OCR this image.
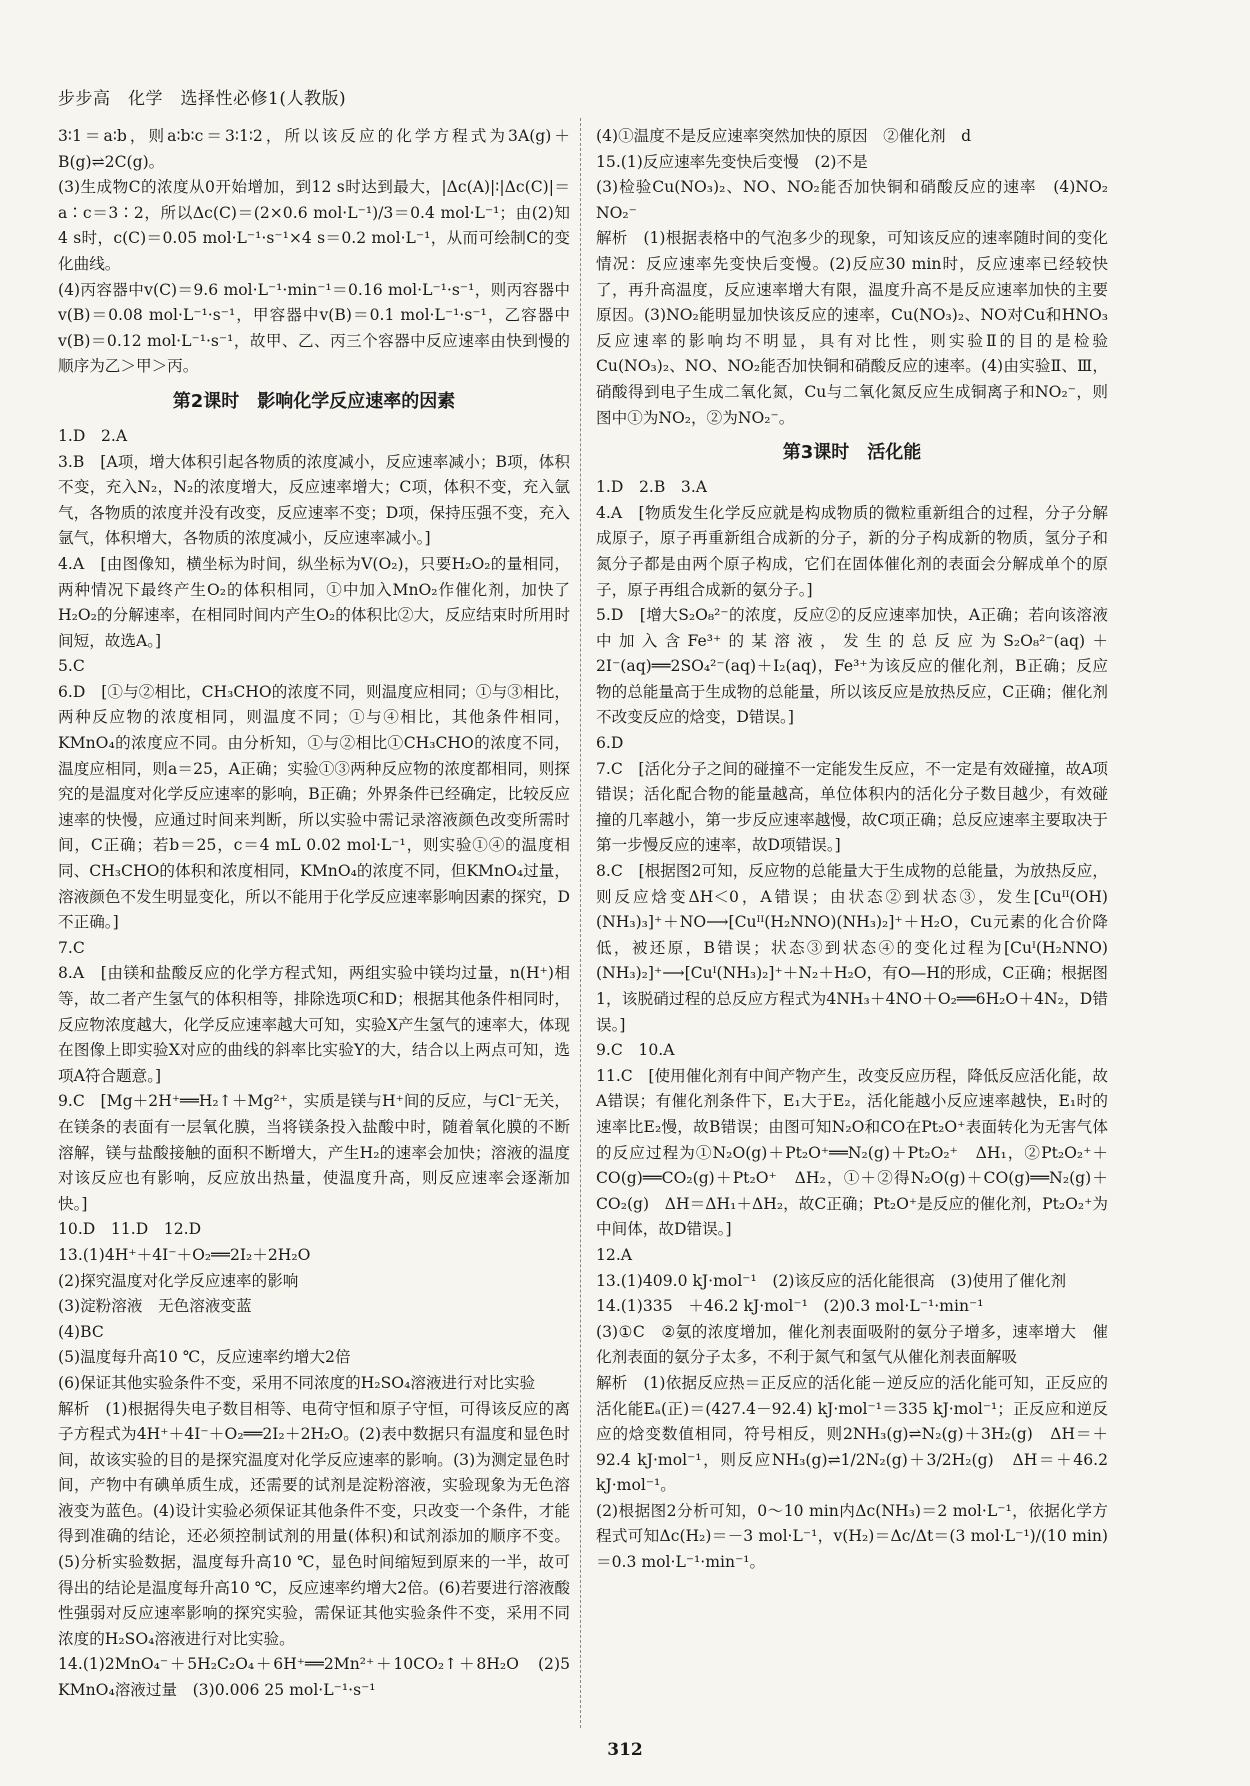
步步高　化学　选择性必修1(人教版)

3∶1＝a∶b，则a∶b∶c＝3∶1∶2，所以该反应的化学方程式为3A(g)＋B(g)⇌2C(g)。

(3)生成物C的浓度从0开始增加，到12 s时达到最大，|Δc(A)|∶|Δc(C)|＝a∶c＝3∶2，所以Δc(C)＝(2×0.6 mol·L⁻¹)/3＝0.4 mol·L⁻¹；由(2)知4 s时，c(C)＝0.05 mol·L⁻¹·s⁻¹×4 s＝0.2 mol·L⁻¹，从而可绘制C的变化曲线。

(4)丙容器中v(C)＝9.6 mol·L⁻¹·min⁻¹＝0.16 mol·L⁻¹·s⁻¹，则丙容器中v(B)＝0.08 mol·L⁻¹·s⁻¹，甲容器中v(B)＝0.1 mol·L⁻¹·s⁻¹，乙容器中v(B)＝0.12 mol·L⁻¹·s⁻¹，故甲、乙、丙三个容器中反应速率由快到慢的顺序为乙＞甲＞丙。

第2课时　影响化学反应速率的因素

1.D　2.A

3.B　[A项，增大体积引起各物质的浓度减小，反应速率减小；B项，体积不变，充入N₂，N₂的浓度增大，反应速率增大；C项，体积不变，充入氩气，各物质的浓度并没有改变，反应速率不变；D项，保持压强不变，充入氩气，体积增大，各物质的浓度减小，反应速率减小。]

4.A　[由图像知，横坐标为时间，纵坐标为V(O₂)，只要H₂O₂的量相同，两种情况下最终产生O₂的体积相同，①中加入MnO₂作催化剂，加快了H₂O₂的分解速率，在相同时间内产生O₂的体积比②大，反应结束时所用时间短，故选A。]

5.C

6.D　[①与②相比，CH₃CHO的浓度不同，则温度应相同；①与③相比，两种反应物的浓度相同，则温度不同；①与④相比，其他条件相同，KMnO₄的浓度应不同。由分析知，①与②相比①CH₃CHO的浓度不同，温度应相同，则a＝25，A正确；实验①③两种反应物的浓度都相同，则探究的是温度对化学反应速率的影响，B正确；外界条件已经确定，比较反应速率的快慢，应通过时间来判断，所以实验中需记录溶液颜色改变所需时间，C正确；若b＝25，c＝4 mL 0.02 mol·L⁻¹，则实验①④的温度相同、CH₃CHO的体积和浓度相同，KMnO₄的浓度不同，但KMnO₄过量，溶液颜色不发生明显变化，所以不能用于化学反应速率影响因素的探究，D不正确。]

7.C

8.A　[由镁和盐酸反应的化学方程式知，两组实验中镁均过量，n(H⁺)相等，故二者产生氢气的体积相等，排除选项C和D；根据其他条件相同时，反应物浓度越大，化学反应速率越大可知，实验X产生氢气的速率大，体现在图像上即实验X对应的曲线的斜率比实验Y的大，结合以上两点可知，选项A符合题意。]

9.C　[Mg＋2H⁺══H₂↑＋Mg²⁺，实质是镁与H⁺间的反应，与Cl⁻无关，在镁条的表面有一层氧化膜，当将镁条投入盐酸中时，随着氧化膜的不断溶解，镁与盐酸接触的面积不断增大，产生H₂的速率会加快；溶液的温度对该反应也有影响，反应放出热量，使温度升高，则反应速率会逐渐加快。]

10.D　11.D　12.D

13.(1)4H⁺＋4I⁻＋O₂══2I₂＋2H₂O

(2)探究温度对化学反应速率的影响

(3)淀粉溶液　无色溶液变蓝

(4)BC

(5)温度每升高10 ℃，反应速率约增大2倍

(6)保证其他实验条件不变，采用不同浓度的H₂SO₄溶液进行对比实验

解析　(1)根据得失电子数目相等、电荷守恒和原子守恒，可得该反应的离子方程式为4H⁺＋4I⁻＋O₂══2I₂＋2H₂O。(2)表中数据只有温度和显色时间，故该实验的目的是探究温度对化学反应速率的影响。(3)为测定显色时间，产物中有碘单质生成，还需要的试剂是淀粉溶液，实验现象为无色溶液变为蓝色。(4)设计实验必须保证其他条件不变，只改变一个条件，才能得到准确的结论，还必须控制试剂的用量(体积)和试剂添加的顺序不变。(5)分析实验数据，温度每升高10 ℃，显色时间缩短到原来的一半，故可得出的结论是温度每升高10 ℃，反应速率约增大2倍。(6)若要进行溶液酸性强弱对反应速率影响的探究实验，需保证其他实验条件不变，采用不同浓度的H₂SO₄溶液进行对比实验。

14.(1)2MnO₄⁻＋5H₂C₂O₄＋6H⁺══2Mn²⁺＋10CO₂↑＋8H₂O　(2)5　KMnO₄溶液过量　(3)0.006 25 mol·L⁻¹·s⁻¹

(4)①温度不是反应速率突然加快的原因　②催化剂　d

15.(1)反应速率先变快后变慢　(2)不是

(3)检验Cu(NO₃)₂、NO、NO₂能否加快铜和硝酸反应的速率　(4)NO₂　NO₂⁻

解析　(1)根据表格中的气泡多少的现象，可知该反应的速率随时间的变化情况：反应速率先变快后变慢。(2)反应30 min时，反应速率已经较快了，再升高温度，反应速率增大有限，温度升高不是反应速率加快的主要原因。(3)NO₂能明显加快该反应的速率，Cu(NO₃)₂、NO对Cu和HNO₃反应速率的影响均不明显，具有对比性，则实验Ⅱ的目的是检验Cu(NO₃)₂、NO、NO₂能否加快铜和硝酸反应的速率。(4)由实验Ⅱ、Ⅲ，硝酸得到电子生成二氧化氮，Cu与二氧化氮反应生成铜离子和NO₂⁻，则图中①为NO₂，②为NO₂⁻。

第3课时　活化能

1.D　2.B　3.A

4.A　[物质发生化学反应就是构成物质的微粒重新组合的过程，分子分解成原子，原子再重新组合成新的分子，新的分子构成新的物质，氢分子和氮分子都是由两个原子构成，它们在固体催化剂的表面会分解成单个的原子，原子再组合成新的氨分子。]

5.D　[增大S₂O₈²⁻的浓度，反应②的反应速率加快，A正确；若向该溶液中加入含Fe³⁺的某溶液，发生的总反应为S₂O₈²⁻(aq)＋2I⁻(aq)══2SO₄²⁻(aq)＋I₂(aq)，Fe³⁺为该反应的催化剂，B正确；反应物的总能量高于生成物的总能量，所以该反应是放热反应，C正确；催化剂不改变反应的焓变，D错误。]

6.D

7.C　[活化分子之间的碰撞不一定能发生反应，不一定是有效碰撞，故A项错误；活化配合物的能量越高，单位体积内的活化分子数目越少，有效碰撞的几率越小，第一步反应速率越慢，故C项正确；总反应速率主要取决于第一步慢反应的速率，故D项错误。]

8.C　[根据图2可知，反应物的总能量大于生成物的总能量，为放热反应，则反应焓变ΔH＜0，A错误；由状态②到状态③，发生[Cuᴵᴵ(OH)(NH₃)₃]⁺＋NO⟶[Cuᴵᴵ(H₂NNO)(NH₃)₂]⁺＋H₂O，Cu元素的化合价降低，被还原，B错误；状态③到状态④的变化过程为[Cuᴵ(H₂NNO)(NH₃)₂]⁺⟶[Cuᴵ(NH₃)₂]⁺＋N₂＋H₂O，有O—H的形成，C正确；根据图1，该脱硝过程的总反应方程式为4NH₃＋4NO＋O₂══6H₂O＋4N₂，D错误。]

9.C　10.A

11.C　[使用催化剂有中间产物产生，改变反应历程，降低反应活化能，故A错误；有催化剂条件下，E₁大于E₂，活化能越小反应速率越快，E₁时的速率比E₂慢，故B错误；由图可知N₂O和CO在Pt₂O⁺表面转化为无害气体的反应过程为①N₂O(g)＋Pt₂O⁺══N₂(g)＋Pt₂O₂⁺　ΔH₁，②Pt₂O₂⁺＋CO(g)══CO₂(g)＋Pt₂O⁺　ΔH₂，①＋②得N₂O(g)＋CO(g)══N₂(g)＋CO₂(g)　ΔH＝ΔH₁＋ΔH₂，故C正确；Pt₂O⁺是反应的催化剂，Pt₂O₂⁺为中间体，故D错误。]

12.A

13.(1)409.0 kJ·mol⁻¹　(2)该反应的活化能很高　(3)使用了催化剂

14.(1)335　＋46.2 kJ·mol⁻¹　(2)0.3 mol·L⁻¹·min⁻¹

(3)①C　②氨的浓度增加，催化剂表面吸附的氨分子增多，速率增大　催化剂表面的氨分子太多，不利于氮气和氢气从催化剂表面解吸

解析　(1)依据反应热＝正反应的活化能－逆反应的活化能可知，正反应的活化能Eₐ(正)＝(427.4－92.4) kJ·mol⁻¹＝335 kJ·mol⁻¹；正反应和逆反应的焓变数值相同，符号相反，则2NH₃(g)⇌N₂(g)＋3H₂(g)　ΔH＝＋92.4 kJ·mol⁻¹，则反应NH₃(g)⇌1/2N₂(g)＋3/2H₂(g)　ΔH＝＋46.2 kJ·mol⁻¹。

(2)根据图2分析可知，0～10 min内Δc(NH₃)＝2 mol·L⁻¹，依据化学方程式可知Δc(H₂)＝－3 mol·L⁻¹，v(H₂)＝Δc/Δt＝(3 mol·L⁻¹)/(10 min)＝0.3 mol·L⁻¹·min⁻¹。

312
